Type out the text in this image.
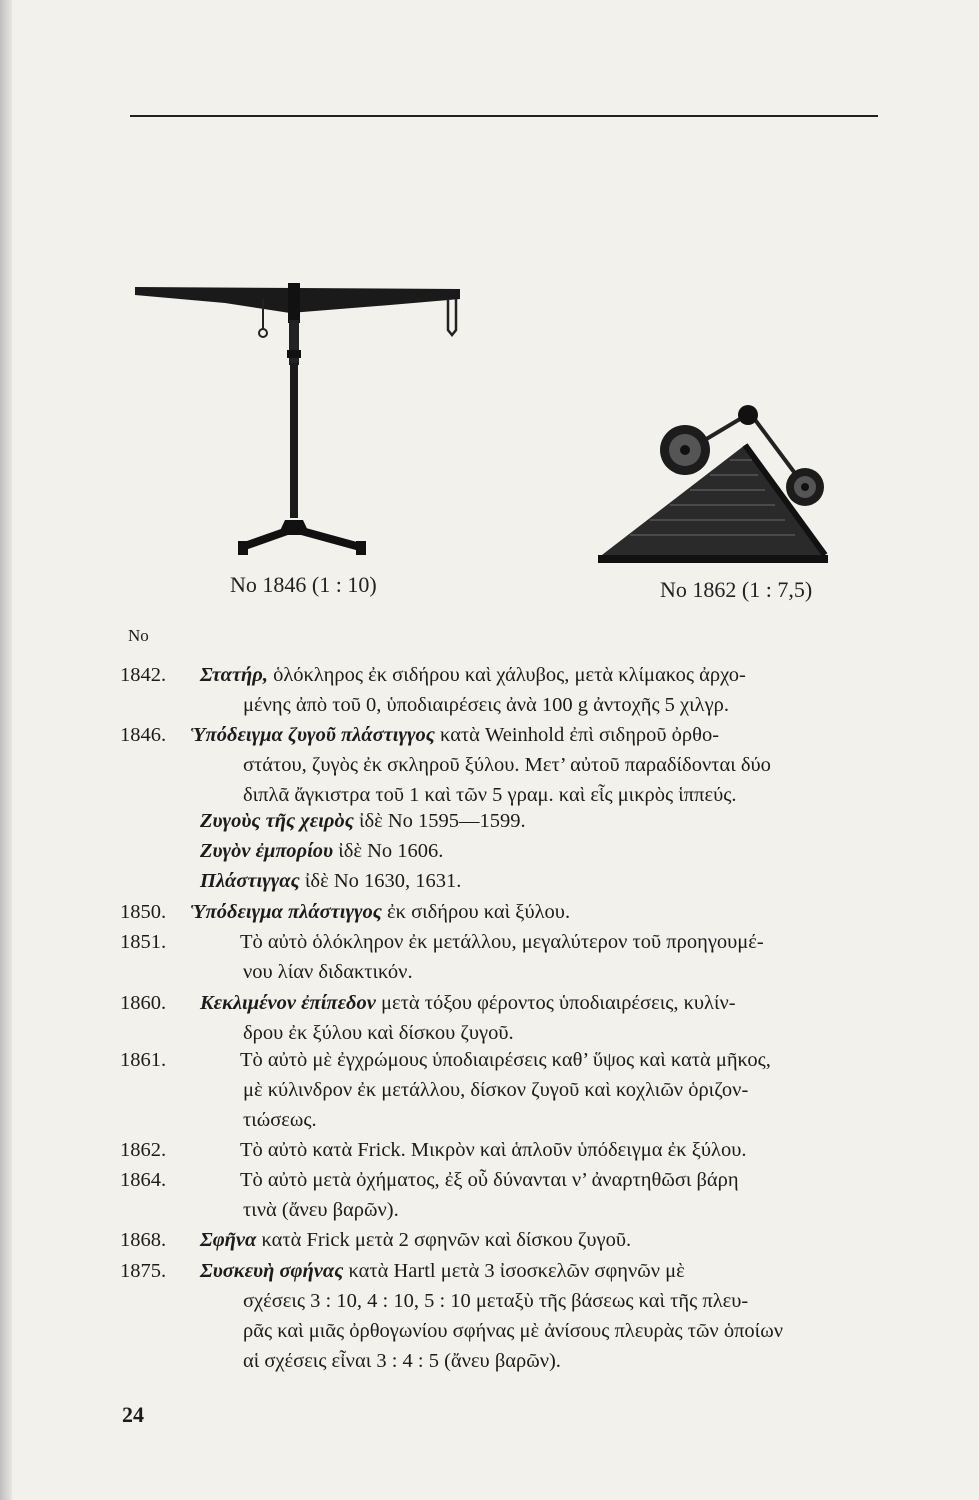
No 1846 (1 : 10)	No 1862 (1 : 7,5)
No
1842.	Στατήρ, ὁλόκληρος ἐκ σιδήρου καὶ χάλυβος, μετὰ κλίμακος ἀρχο-
μένης ἀπὸ τοῦ 0, ὑποδιαιρέσεις ἀνὰ 100 g ἀντοχῆς 5 χιλγρ.
1846.	Ὑπόδειγμα ζυγοῦ πλάστιγγος κατὰ Weinhold ἐπὶ σιδηροῦ ὀρθο-
στάτου, ζυγὸς ἐκ σκληροῦ ξύλου. Μετ’ αὐτοῦ παραδίδονται δύο
διπλᾶ ἄγκιστρα τοῦ 1 καὶ τῶν 5 γραμ. καὶ εἷς μικρὸς ἱππεύς.
Ζυγοὺς τῆς χειρὸς ἰδὲ No 1595—1599.
Ζυγὸν ἐμπορίου ἰδὲ No 1606.
Πλάστιγγας ἰδὲ No 1630, 1631.
1850.	Ὑπόδειγμα πλάστιγγος ἐκ σιδήρου καὶ ξύλου.
1851.	Τὸ αὐτὸ ὁλόκληρον ἐκ μετάλλου, μεγαλύτερον τοῦ προηγουμέ-
νου λίαν διδακτικόν.
1860.	Κεκλιμένον ἐπίπεδον μετὰ τόξου φέροντος ὑποδιαιρέσεις, κυλίν-
δρου ἐκ ξύλου καὶ δίσκου ζυγοῦ.
1861.	Τὸ αὐτὸ μὲ ἐγχρώμους ὑποδιαιρέσεις καθ’ ὕψος καὶ κατὰ μῆκος,
μὲ κύλινδρον ἐκ μετάλλου, δίσκον ζυγοῦ καὶ κοχλιῶν ὁριζον-
τιώσεως.
1862.	Τὸ αὐτὸ κατὰ Frick. Μικρὸν καὶ ἁπλοῦν ὑπόδειγμα ἐκ ξύλου.
1864.	Τὸ αὐτὸ μετὰ ὀχήματος, ἐξ οὗ δύνανται ν’ ἀναρτηθῶσι βάρη
τινὰ (ἄνευ βαρῶν).
1868.	Σφῆνα κατὰ Frick μετὰ 2 σφηνῶν καὶ δίσκου ζυγοῦ.
1875.	Συσκευὴ σφήνας κατὰ Hartl μετὰ 3 ἰσοσκελῶν σφηνῶν μὲ
σχέσεις 3 : 10, 4 : 10, 5 : 10 μεταξὺ τῆς βάσεως καὶ τῆς πλευ-
ρᾶς καὶ μιᾶς ὀρθογωνίου σφήνας μὲ ἀνίσους πλευρὰς τῶν ὁποίων
αἱ σχέσεις εἶναι 3 : 4 : 5 (ἄνευ βαρῶν).
24
